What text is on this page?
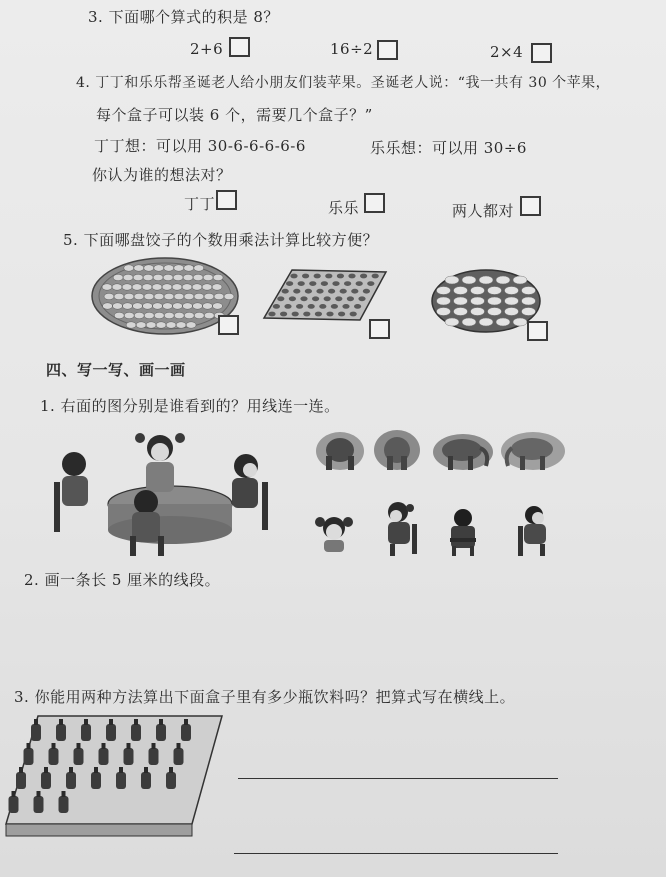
3. 下面哪个算式的积是 8？
2+6	16÷2	2×4
4. 丁丁和乐乐帮圣诞老人给小朋友们装苹果。圣诞老人说：“我一共有 30 个苹果，
每个盒子可以装 6 个，需要几个盒子？”
丁丁想：可以用 30-6-6-6-6-6	乐乐想：可以用 30÷6
你认为谁的想法对？
丁丁	乐乐	两人都对
5. 下面哪盘饺子的个数用乘法计算比较方便？
四、写一写、画一画
1. 右面的图分别是谁看到的？用线连一连。
2. 画一条长 5 厘米的线段。
3. 你能用两种方法算出下面盒子里有多少瓶饮料吗？把算式写在横线上。
